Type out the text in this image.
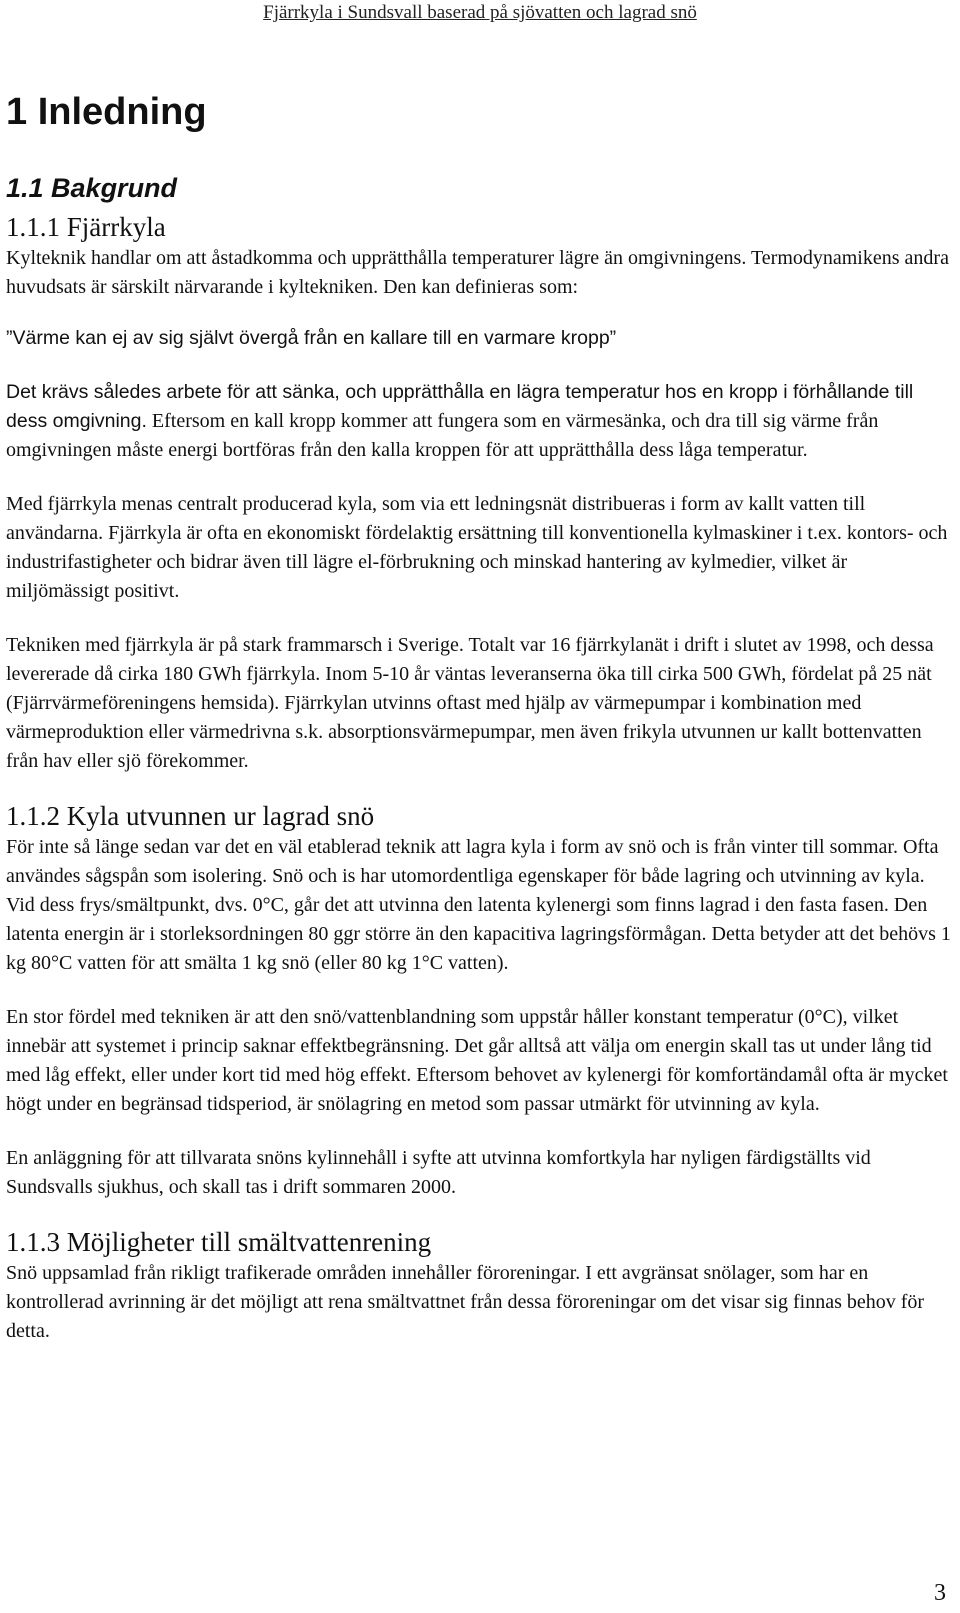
Fjärrkyla i Sundsvall baserad på sjövatten och lagrad snö
1 Inledning
1.1 Bakgrund
1.1.1 Fjärrkyla

Kylteknik handlar om att åstadkomma och upprätthålla temperaturer lägre än omgivningens. Termodynamikens andra huvudsats är särskilt närvarande i kyltekniken. Den kan definieras som:

”Värme kan ej av sig självt övergå från en kallare till en varmare kropp”

Det krävs således arbete för att sänka, och upprätthålla en lägra temperatur hos en kropp i förhållande till dess omgivning. Eftersom en kall kropp kommer att fungera som en värmesänka, och dra till sig värme från omgivningen måste energi bortföras från den kalla kroppen för att upprätthålla dess låga temperatur.

Med fjärrkyla menas centralt producerad kyla, som via ett ledningsnät distribueras i form av kallt vatten till användarna. Fjärrkyla är ofta en ekonomiskt fördelaktig ersättning till konventionella kylmaskiner i t.ex. kontors- och industrifastigheter och bidrar även till lägre el-förbrukning och minskad hantering av kylmedier, vilket är miljömässigt positivt.

Tekniken med fjärrkyla är på stark frammarsch i Sverige. Totalt var 16 fjärrkylanät i drift i slutet av 1998, och dessa levererade då cirka 180 GWh fjärrkyla. Inom 5-10 år väntas leveranserna öka till cirka 500 GWh, fördelat på 25 nät (Fjärrvärmeföreningens hemsida). Fjärrkylan utvinns oftast med hjälp av värmepumpar i kombination med värmeproduktion eller värmedrivna s.k. absorptionsvärmepumpar, men även frikyla utvunnen ur kallt bottenvatten från hav eller sjö förekommer.

1.1.2 Kyla utvunnen ur lagrad snö

För inte så länge sedan var det en väl etablerad teknik att lagra kyla i form av snö och is från vinter till sommar. Ofta användes sågspån som isolering. Snö och is har utomordentliga egenskaper för både lagring och utvinning av kyla. Vid dess frys/smältpunkt, dvs. 0°C, går det att utvinna den latenta kylenergi som finns lagrad i den fasta fasen. Den latenta energin är i storleksordningen 80 ggr större än den kapacitiva lagringsförmågan. Detta betyder att det behövs 1 kg 80°C vatten för att smälta 1 kg snö (eller 80 kg 1°C vatten).

En stor fördel med tekniken är att den snö/vattenblandning som uppstår håller konstant temperatur (0°C), vilket innebär att systemet i princip saknar effektbegränsning. Det går alltså att välja om energin skall tas ut under lång tid med låg effekt, eller under kort tid med hög effekt. Eftersom behovet av kylenergi för komfortändamål ofta är mycket högt under en begränsad tidsperiod, är snölagring en metod som passar utmärkt för utvinning av kyla.

En anläggning för att tillvarata snöns kylinnehåll i syfte att utvinna komfortkyla har nyligen färdigställts vid Sundsvalls sjukhus, och skall tas i drift sommaren 2000.

1.1.3 Möjligheter till smältvattenrening

Snö uppsamlad från rikligt trafikerade områden innehåller föroreningar. I ett avgränsat snölager, som har en kontrollerad avrinning är det möjligt att rena smältvattnet från dessa föroreningar om det visar sig finnas behov för detta.

3
